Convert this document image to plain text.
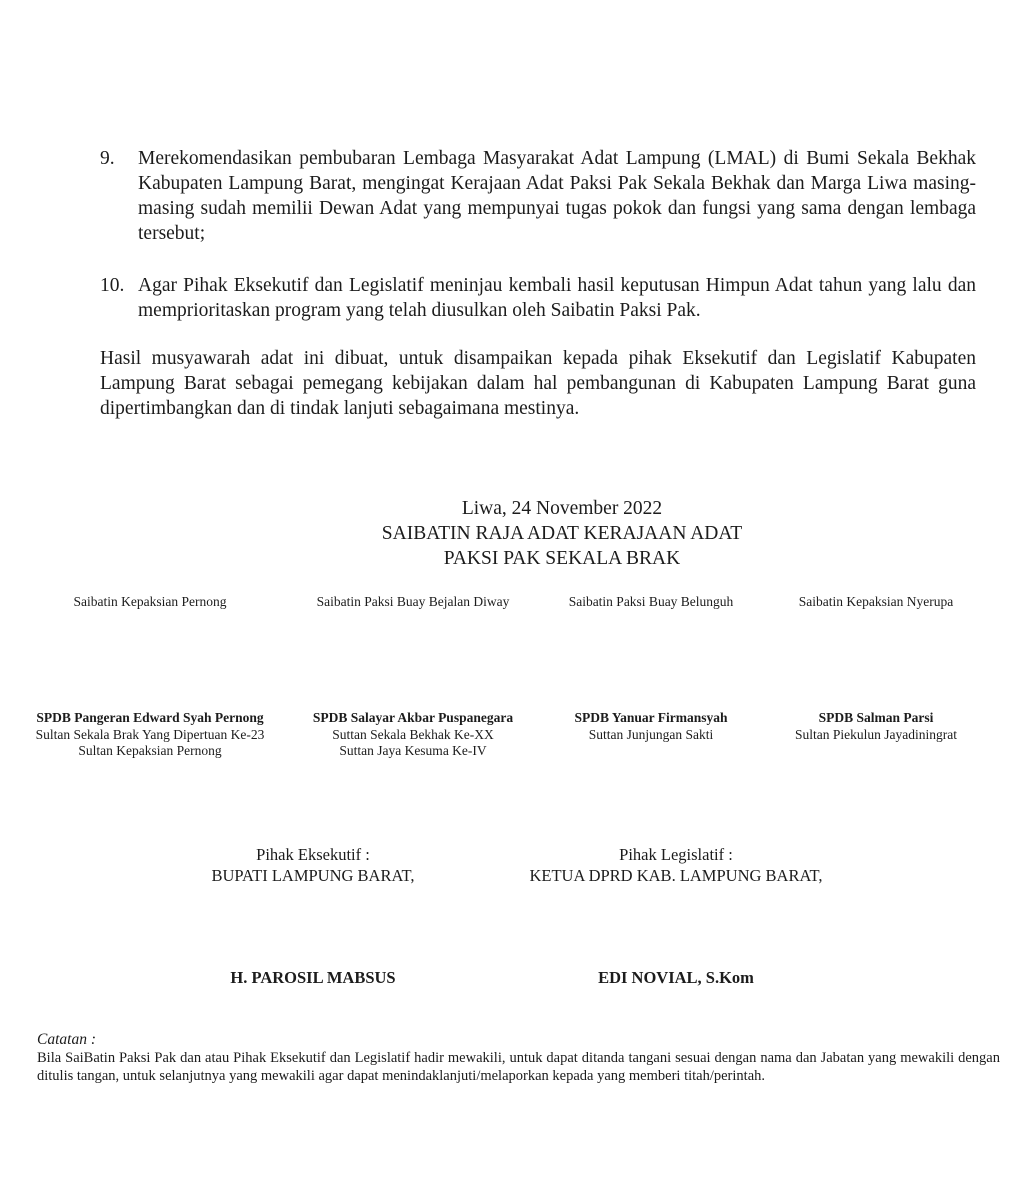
9. Merekomendasikan pembubaran Lembaga Masyarakat Adat Lampung (LMAL) di Bumi Sekala Bekhak Kabupaten Lampung Barat, mengingat Kerajaan Adat Paksi Pak Sekala Bekhak dan Marga Liwa masing-masing sudah memilii Dewan Adat yang mempunyai tugas pokok dan fungsi yang sama dengan lembaga tersebut;
10. Agar Pihak Eksekutif dan Legislatif meninjau kembali hasil keputusan Himpun Adat tahun yang lalu dan memprioritaskan program yang telah diusulkan oleh Saibatin Paksi Pak.
Hasil musyawarah adat ini dibuat, untuk disampaikan kepada pihak Eksekutif dan Legislatif Kabupaten Lampung Barat sebagai pemegang kebijakan dalam hal pembangunan di Kabupaten Lampung Barat guna dipertimbangkan dan di tindak lanjuti sebagaimana mestinya.
Liwa, 24 November 2022
SAIBATIN RAJA ADAT KERAJAAN ADAT
PAKSI PAK SEKALA BRAK
Saibatin Kepaksian Pernong	Saibatin Paksi Buay Bejalan Diway	Saibatin Paksi Buay Belunguh	Saibatin Kepaksian Nyerupa
SPDB Pangeran Edward Syah Pernong
Sultan Sekala Brak Yang Dipertuan Ke-23
Sultan Kepaksian Pernong
SPDB Salayar Akbar Puspanegara
Suttan Sekala Bekhak Ke-XX
Suttan Jaya Kesuma Ke-IV
SPDB Yanuar Firmansyah
Suttan Junjungan Sakti
SPDB Salman Parsi
Sultan Piekulun Jayadiningrat
Pihak Eksekutif :
BUPATI LAMPUNG BARAT,
Pihak Legislatif :
KETUA DPRD KAB. LAMPUNG BARAT,
H. PAROSIL MABSUS	EDI NOVIAL, S.Kom
Catatan :
Bila SaiBatin Paksi Pak dan atau Pihak Eksekutif dan Legislatif hadir mewakili, untuk dapat ditanda tangani sesuai dengan nama dan Jabatan yang mewakili dengan ditulis tangan, untuk selanjutnya yang mewakili agar dapat menindaklanjuti/melaporkan kepada yang memberi titah/perintah.
